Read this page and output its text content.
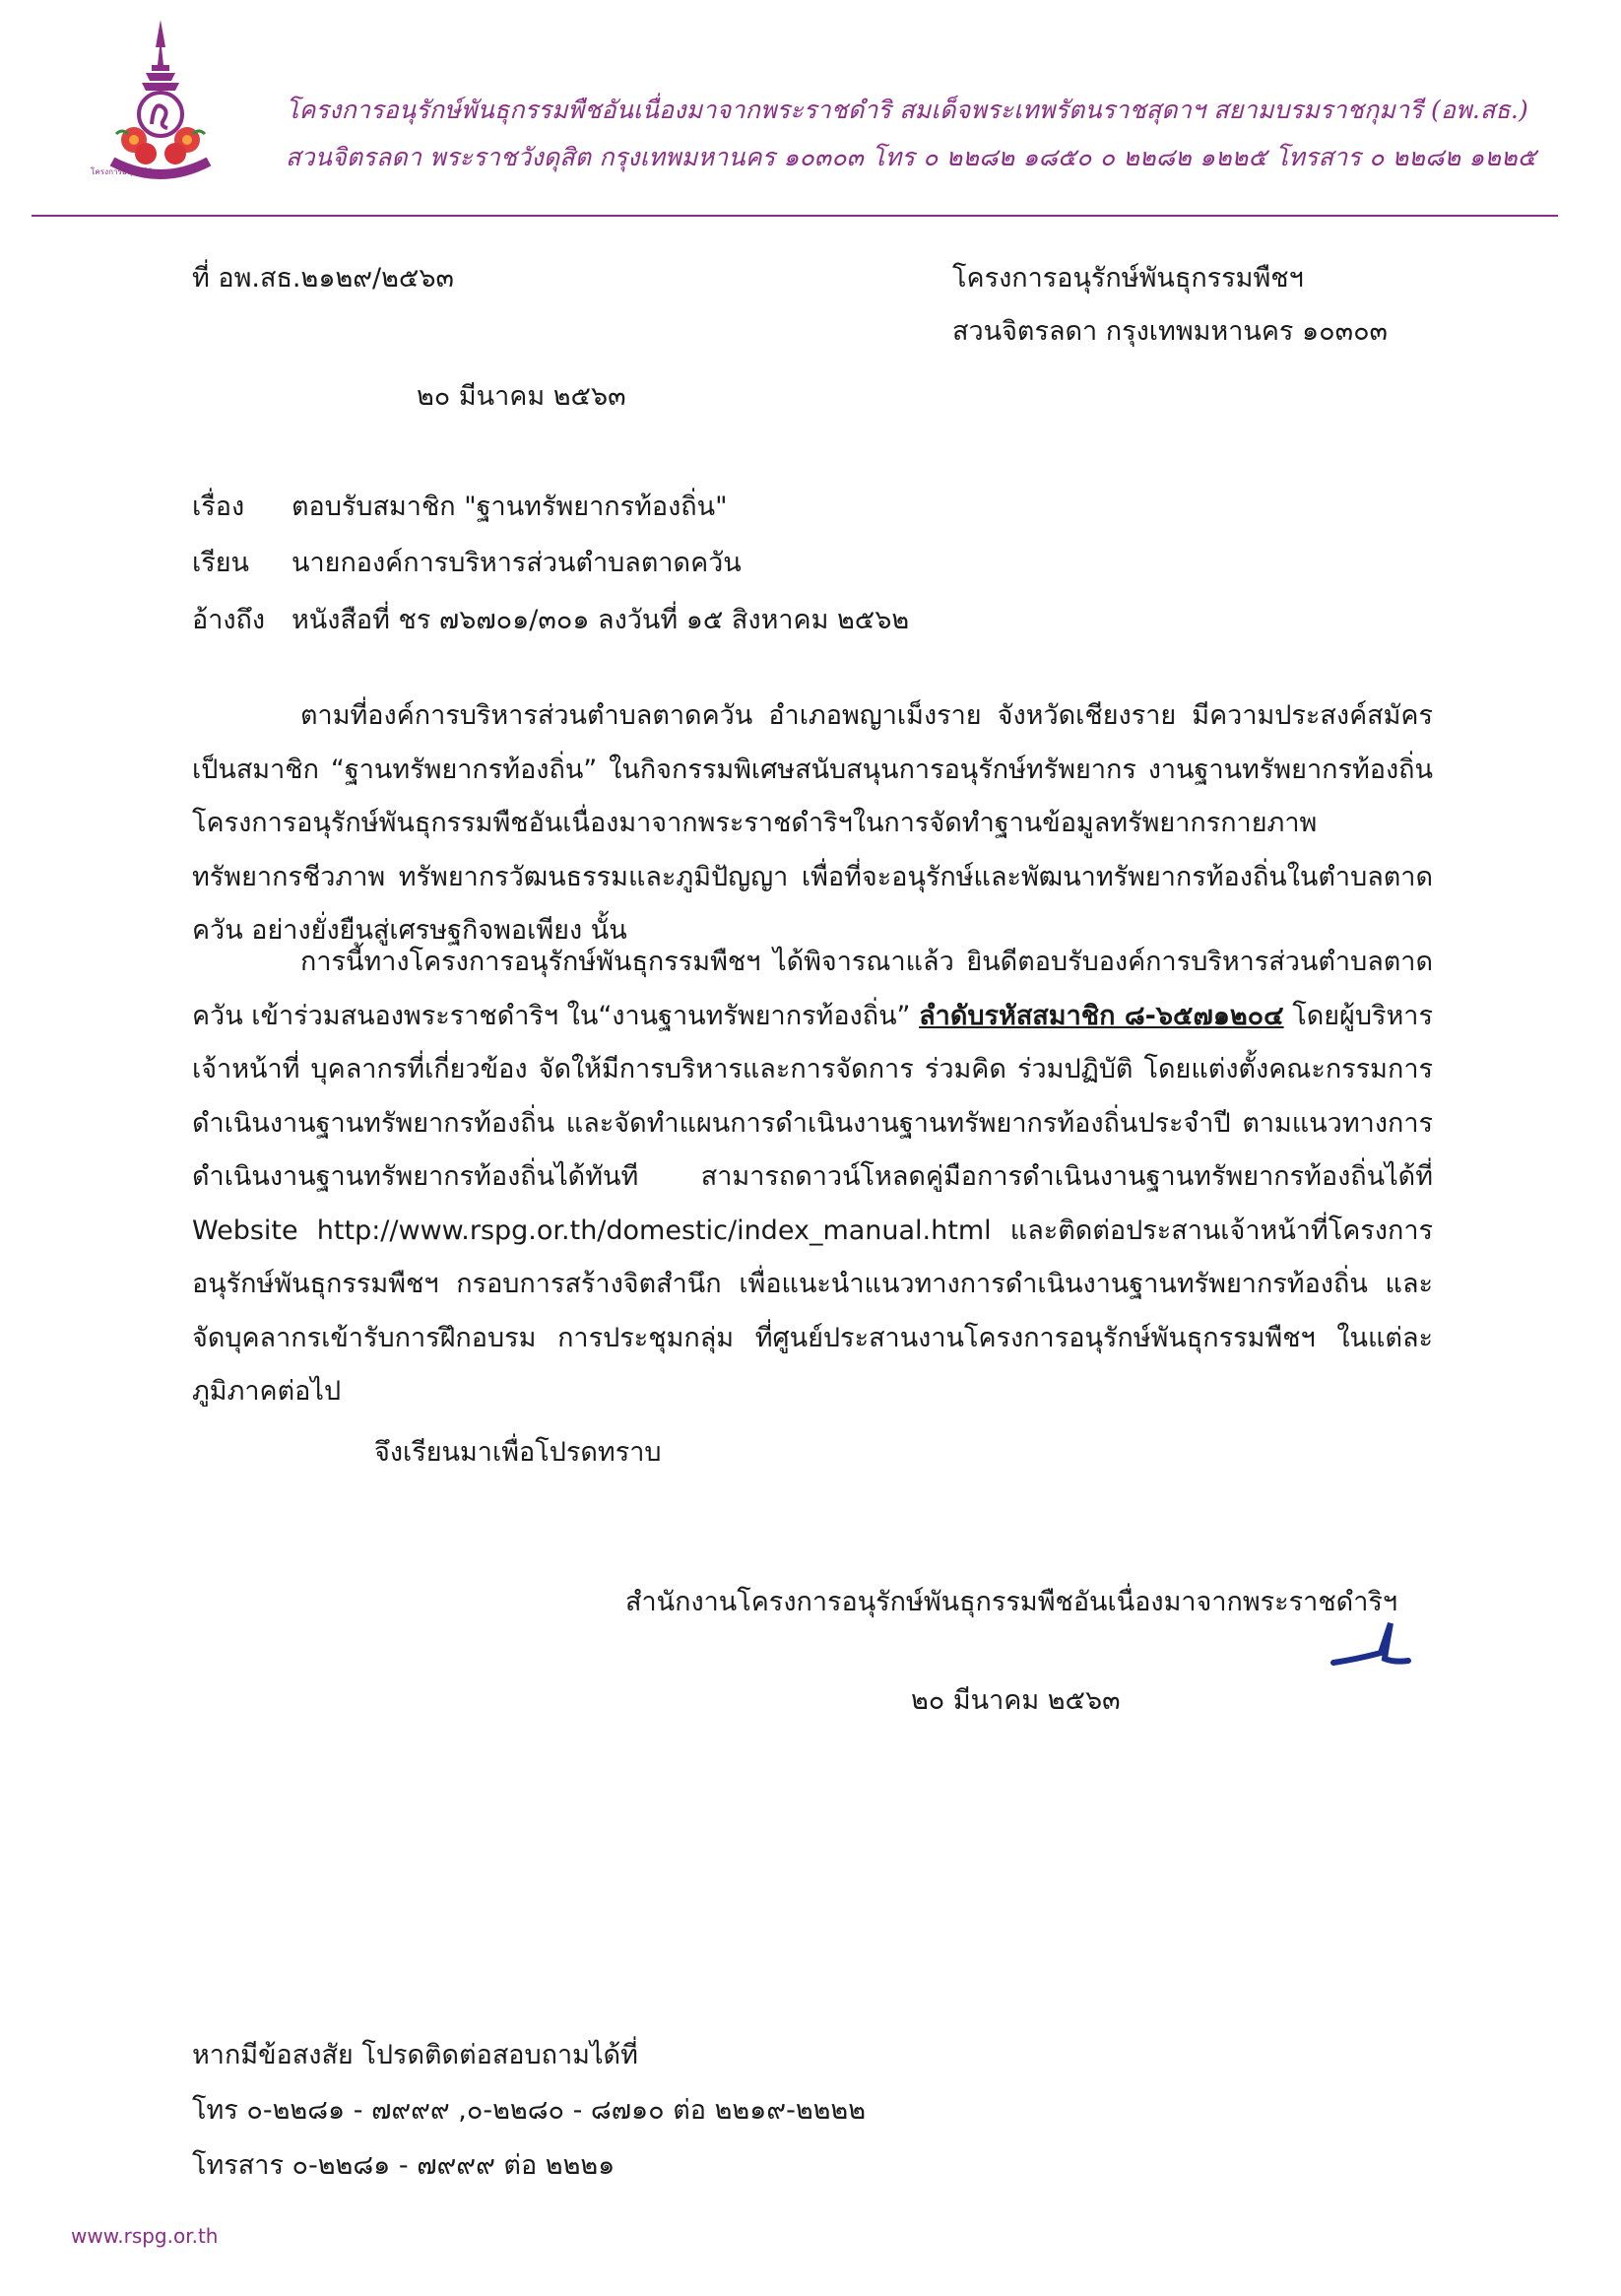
โครงการอนุรักษ์พันธุกรรมพืช
โครงการอนุรักษ์พันธุกรรมพืชอันเนื่องมาจากพระราชดำริ สมเด็จพระเทพรัตนราชสุดาฯ สยามบรมราชกุมารี (อพ.สธ.)
สวนจิตรลดา พระราชวังดุสิต กรุงเทพมหานคร ๑๐๓๐๓ โทร ๐ ๒๒๘๒ ๑๘๕๐ ๐ ๒๒๘๒ ๑๒๒๕ โทรสาร ๐ ๒๒๘๒ ๑๒๒๕
ที่ อพ.สธ.๒๑๒๙/๒๕๖๓	โครงการอนุรักษ์พันธุกรรมพืชฯ
สวนจิตรลดา กรุงเทพมหานคร ๑๐๓๐๓
๒๐ มีนาคม ๒๕๖๓
เรื่อง ตอบรับสมาชิก "ฐานทรัพยากรท้องถิ่น"
เรียน นายกองค์การบริหารส่วนตำบลตาดควัน
อ้างถึง หนังสือที่ ชร ๗๖๗๐๑/๓๐๑ ลงวันที่ ๑๕ สิงหาคม ๒๕๖๒
ตามที่องค์การบริหารส่วนตำบลตาดควัน อำเภอพญาเม็งราย จังหวัดเชียงราย มีความประสงค์สมัครเป็นสมาชิก “ฐานทรัพยากรท้องถิ่น” ในกิจกรรมพิเศษสนับสนุนการอนุรักษ์ทรัพยากร งานฐานทรัพยากรท้องถิ่น โครงการอนุรักษ์พันธุกรรมพืชอันเนื่องมาจากพระราชดำริฯในการจัดทำฐานข้อมูลทรัพยากรกายภาพ ทรัพยากรชีวภาพ ทรัพยากรวัฒนธรรมและภูมิปัญญา เพื่อที่จะอนุรักษ์และพัฒนาทรัพยากรท้องถิ่นในตำบลตาดควัน อย่างยั่งยืนสู่เศรษฐกิจพอเพียง นั้น
การนี้ทางโครงการอนุรักษ์พันธุกรรมพืชฯ ได้พิจารณาแล้ว ยินดีตอบรับองค์การบริหารส่วนตำบลตาดควัน เข้าร่วมสนองพระราชดำริฯ ใน“งานฐานทรัพยากรท้องถิ่น” ลำดับรหัสสมาชิก ๘-๖๕๗๑๒๐๔ โดยผู้บริหาร เจ้าหน้าที่ บุคลากรที่เกี่ยวข้อง จัดให้มีการบริหารและการจัดการ ร่วมคิด ร่วมปฏิบัติ โดยแต่งตั้งคณะกรรมการดำเนินงานฐานทรัพยากรท้องถิ่น และจัดทำแผนการดำเนินงานฐานทรัพยากรท้องถิ่นประจำปี ตามแนวทางการดำเนินงานฐานทรัพยากรท้องถิ่นได้ทันที สามารถดาวน์โหลดคู่มือการดำเนินงานฐานทรัพยากรท้องถิ่นได้ที่ Website http://www.rspg.or.th/domestic/index_manual.html และติดต่อประสานเจ้าหน้าที่โครงการอนุรักษ์พันธุกรรมพืชฯ กรอบการสร้างจิตสำนึก เพื่อแนะนำแนวทางการดำเนินงานฐานทรัพยากรท้องถิ่น และจัดบุคลากรเข้ารับการฝึกอบรม การประชุมกลุ่ม ที่ศูนย์ประสานงานโครงการอนุรักษ์พันธุกรรมพืชฯ ในแต่ละภูมิภาคต่อไป
จึงเรียนมาเพื่อโปรดทราบ
สำนักงานโครงการอนุรักษ์พันธุกรรมพืชอันเนื่องมาจากพระราชดำริฯ
๒๐ มีนาคม ๒๕๖๓
หากมีข้อสงสัย โปรดติดต่อสอบถามได้ที่
โทร ๐-๒๒๘๑ - ๗๙๙๙ ,๐-๒๒๘๐ - ๘๗๑๐ ต่อ ๒๒๑๙-๒๒๒๒
โทรสาร ๐-๒๒๘๑ - ๗๙๙๙ ต่อ ๒๒๒๑
www.rspg.or.th
